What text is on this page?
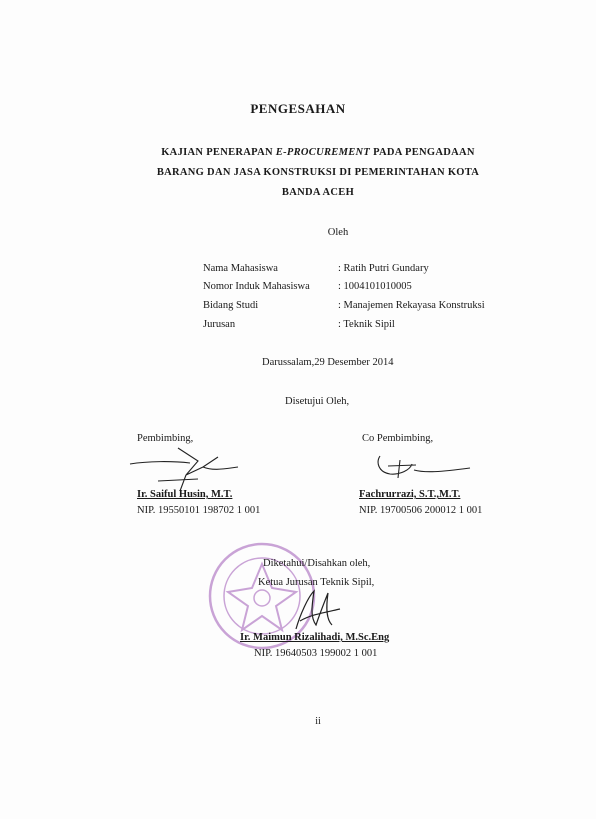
PENGESAHAN
KAJIAN PENERAPAN E-PROCUREMENT PADA PENGADAAN
BARANG DAN JASA KONSTRUKSI DI PEMERINTAHAN KOTA
BANDA ACEH
Oleh
Nama Mahasiswa	: Ratih Putri Gundary
Nomor Induk Mahasiswa	: 1004101010005
Bidang Studi	: Manajemen Rekayasa Konstruksi
Jurusan	: Teknik Sipil
Darussalam,29 Desember 2014
Disetujui Oleh,
Pembimbing,
Ir. Saiful Husin, M.T.
NIP. 19550101 198702 1 001
Co Pembimbing,
Fachrurrazi, S.T.,M.T.
NIP. 19700506 200012 1 001
Diketahui/Disahkan oleh,
Ketua Jurusan Teknik Sipil,
Ir. Maimun Rizalihadi, M.Sc.Eng
NIP. 19640503 199002 1 001
ii
